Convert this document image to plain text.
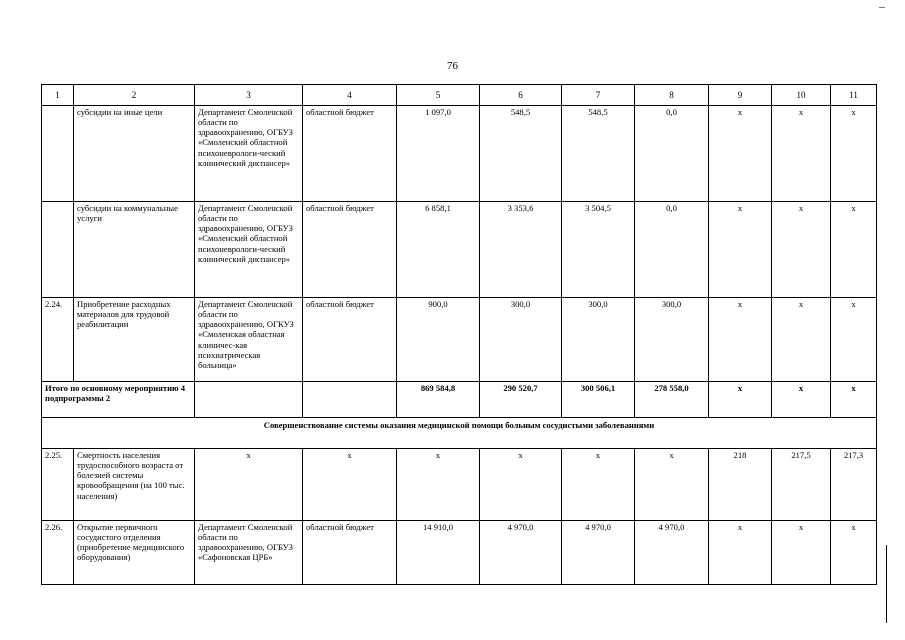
76
1	2	3	4	5	6	7	8	9	10	11
	субсидии на иные цели	Департамент Смоленской области по здравоохранению, ОГБУЗ «Смоленский областной психоневрологи-ческий клинический диспансер»	областной бюджет	1 097,0	548,5	548,5	0,0	x	x	x
	субсидии на коммунальные услуги	Департамент Смоленской области по здравоохранению, ОГБУЗ «Смоленский областной психоневрологи-ческий клинический диспансер»	областной бюджет	6 858,1	3 353,6	3 504,5	0,0	x	x	x
2.24.	Приобретение расходных материалов для трудовой реабилитации	Департамент Смоленской области по здравоохранению, ОГКУЗ «Смоленская областная клиничес-кая психиатрическая больница»	областной бюджет	900,0	300,0	300,0	300,0	x	x	x
Итого по основному мероприятию 4 подпрограммы 2				869 584,8	290 520,7	300 506,1	278 558,0	x	x	x

Совершенствование системы оказания медицинской помощи больным сосудистыми заболеваниями										

2.25.	Смертность населения трудоспособного возраста от болезней системы кровообращения (на 100 тыс. населения)	x	x	x	x	x	x	218	217,5	217,3
2.26.	Открытие первичного сосудистого отделения (приобретение медицинского оборудования)	Департамент Смоленской области по здравоохранению, ОГБУЗ «Сафоновская ЦРБ»	областной бюджет	14 910,0	4 970,0	4 970,0	4 970,0	x	x	x
